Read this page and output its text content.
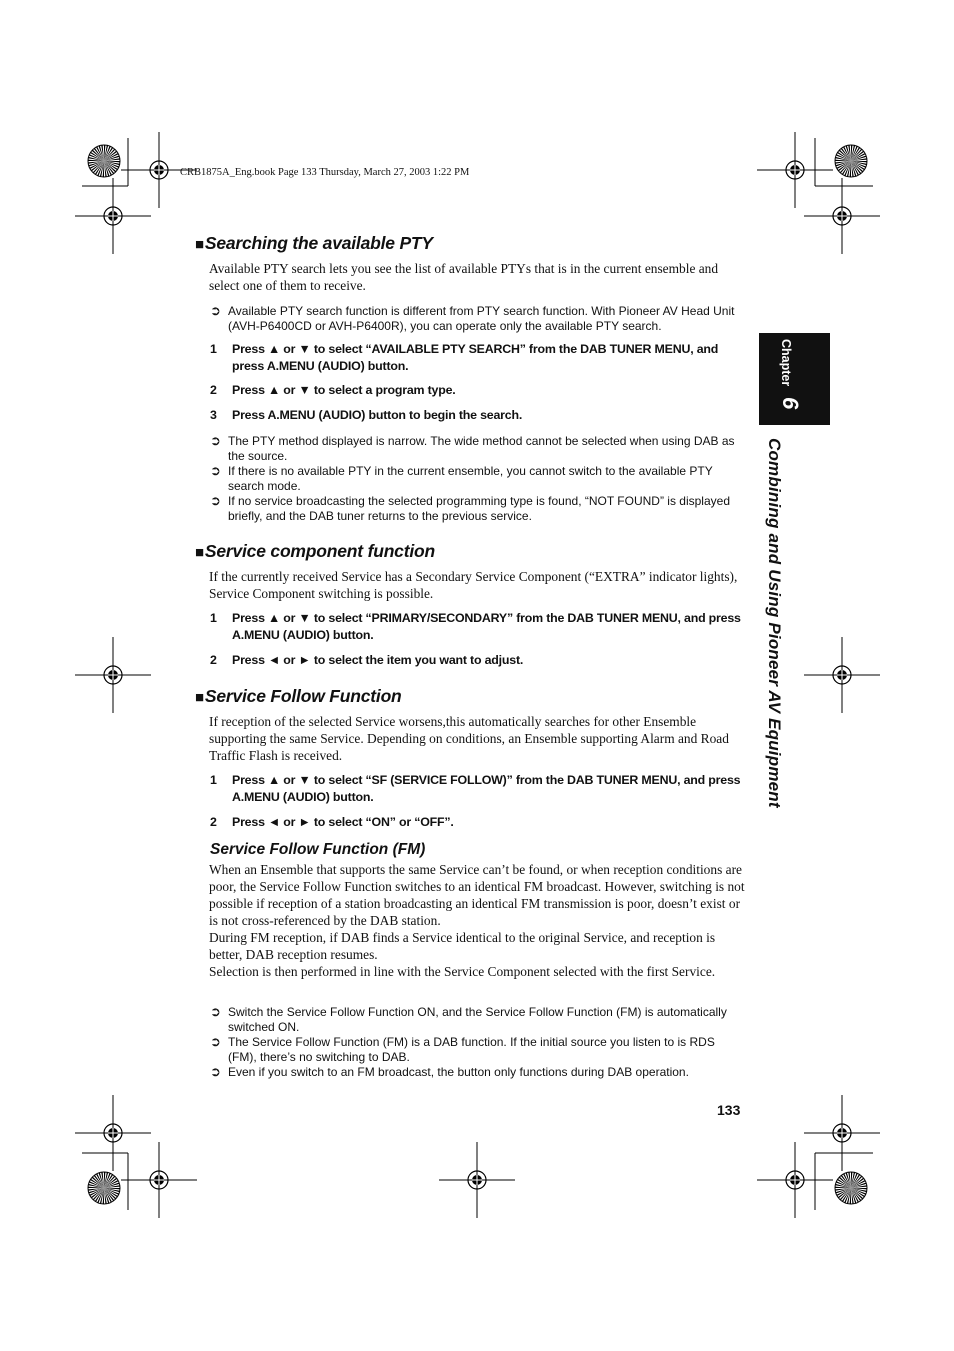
CRB1875A_Eng.book Page 133 Thursday, March 27, 2003 1:22 PM
Chapter
6
Combining and Using Pioneer AV Equipment
■Searching the available PTY
Available PTY search lets you see the list of available PTYs that is in the current ensemble and select one of them to receive.
➲ Available PTY search function is different from PTY search function. With Pioneer AV Head Unit (AVH-P6400CD or AVH-P6400R), you can operate only the available PTY search.
1	Press ▲ or ▼ to select “AVAILABLE PTY SEARCH” from the DAB TUNER MENU, and press A.MENU (AUDIO) button.
2	Press ▲ or ▼ to select a program type.
3	Press A.MENU (AUDIO) button to begin the search.
➲ The PTY method displayed is narrow. The wide method cannot be selected when using DAB as the source.
➲ If there is no available PTY in the current ensemble, you cannot switch to the available PTY search mode.
➲ If no service broadcasting the selected programming type is found, “NOT FOUND” is displayed briefly, and the DAB tuner returns to the previous service.
■Service component function
If the currently received Service has a Secondary Service Component (“EXTRA” indicator lights), Service Component switching is possible.
1	Press ▲ or ▼ to select “PRIMARY/SECONDARY” from the DAB TUNER MENU, and press A.MENU (AUDIO) button.
2	Press ◄ or ► to select the item you want to adjust.
■Service Follow Function
If reception of the selected Service worsens,this automatically searches for other Ensemble supporting the same Service. Depending on conditions, an Ensemble supporting Alarm and Road Traffic Flash is received.
1	Press ▲ or ▼ to select “SF (SERVICE FOLLOW)” from the DAB TUNER MENU, and press A.MENU (AUDIO) button.
2	Press ◄ or ► to select “ON” or “OFF”.
Service Follow Function (FM)
When an Ensemble that supports the same Service can’t be found, or when reception conditions are poor, the Service Follow Function switches to an identical FM broadcast. However, switching is not possible if reception of a station broadcasting an identical FM transmission is poor, doesn’t exist or is not cross-referenced by the DAB station.
During FM reception, if DAB finds a Service identical to the original Service, and reception is better, DAB reception resumes.
Selection is then performed in line with the Service Component selected with the first Service.
➲ Switch the Service Follow Function ON, and the Service Follow Function (FM) is automatically switched ON.
➲ The Service Follow Function (FM) is a DAB function. If the initial source you listen to is RDS (FM), there’s no switching to DAB.
➲ Even if you switch to an FM broadcast, the button only functions during DAB operation.
133
